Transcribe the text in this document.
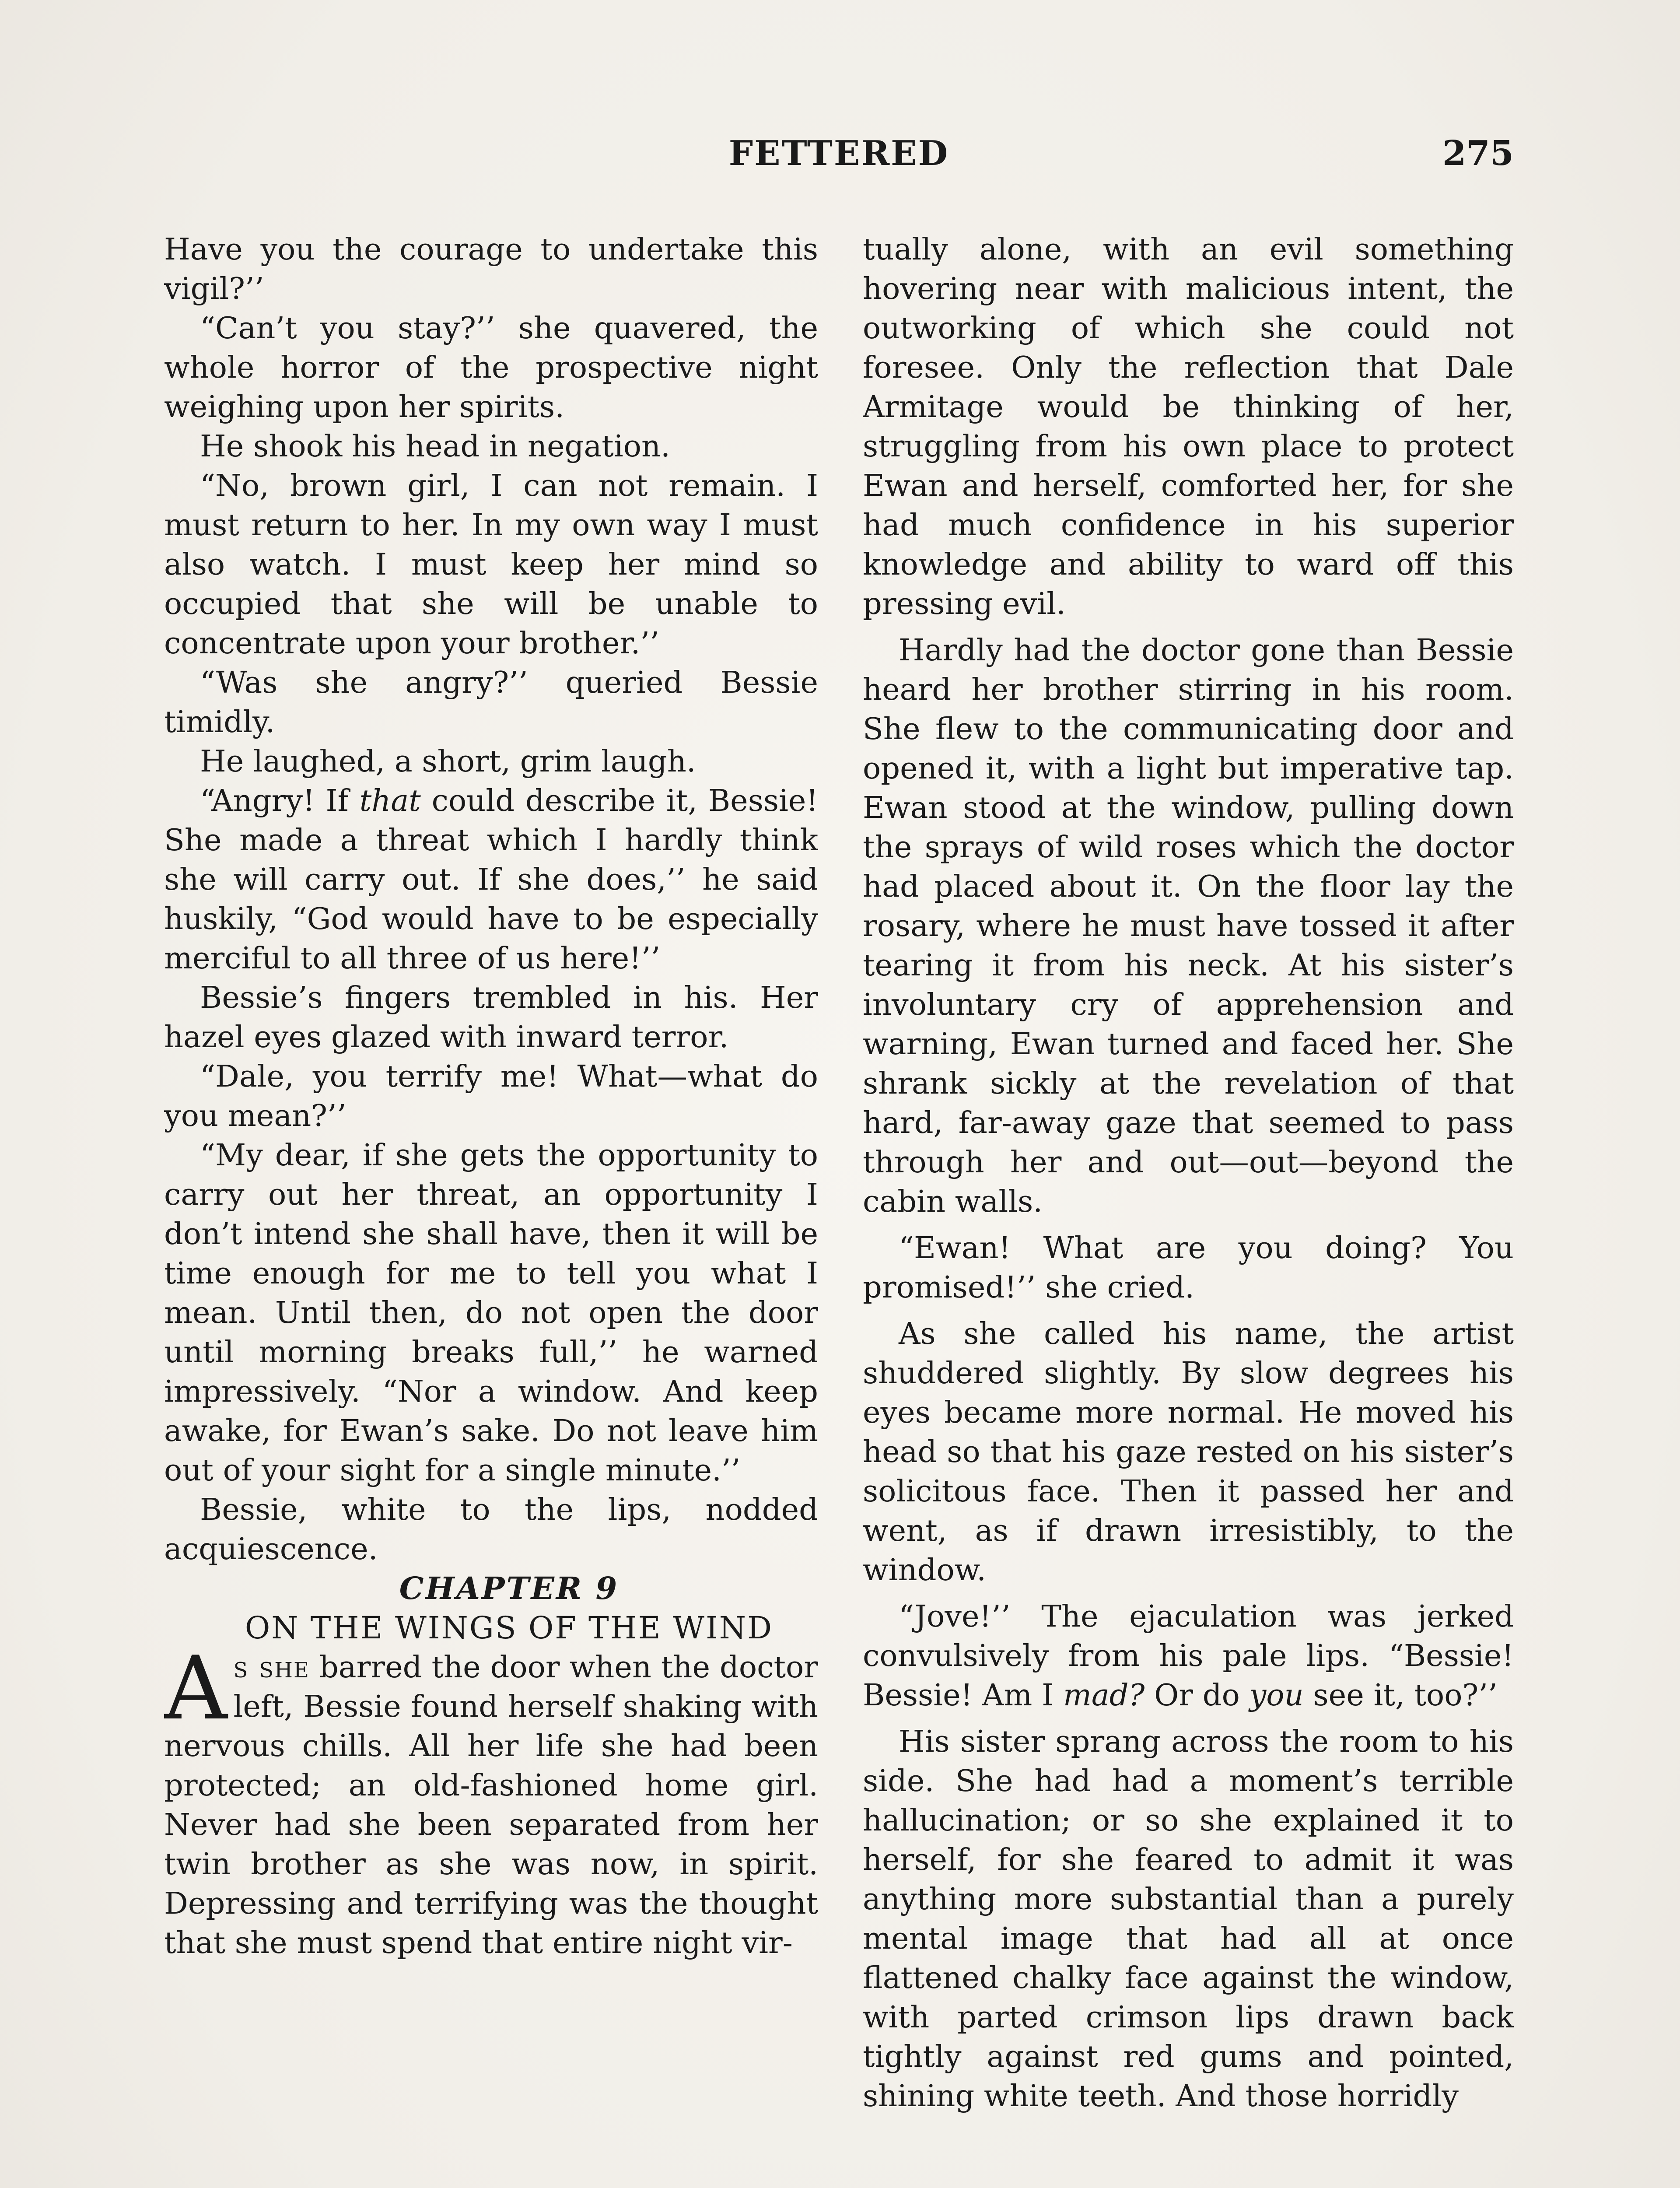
FETTERED	275

Have you the courage to undertake this vigil?’’

“Can’t you stay?’’ she quavered, the whole horror of the prospective night weighing upon her spirits.

He shook his head in negation.

“No, brown girl, I can not remain. I must return to her. In my own way I must also watch. I must keep her mind so occupied that she will be unable to concentrate upon your brother.’’

“Was she angry?’’ queried Bessie timidly.

He laughed, a short, grim laugh.

“Angry! If that could describe it, Bessie! She made a threat which I hardly think she will carry out. If she does,’’ he said huskily, “God would have to be especially merciful to all three of us here!’’

Bessie’s fingers trembled in his. Her hazel eyes glazed with inward terror.

“Dale, you terrify me! What—what do you mean?’’

“My dear, if she gets the opportunity to carry out her threat, an opportunity I don’t intend she shall have, then it will be time enough for me to tell you what I mean. Until then, do not open the door until morning breaks full,’’ he warned impressively. “Nor a window. And keep awake, for Ewan’s sake. Do not leave him out of your sight for a single minute.’’

Bessie, white to the lips, nodded acquiescence.

CHAPTER 9

ON THE WINGS OF THE WIND

As she barred the door when the doctor left, Bessie found herself shaking with nervous chills. All her life she had been protected; an old-fashioned home girl. Never had she been separated from her twin brother as she was now, in spirit. Depressing and terrifying was the thought that she must spend that entire night vir-

tually alone, with an evil something hovering near with malicious intent, the outworking of which she could not foresee. Only the reflection that Dale Armitage would be thinking of her, struggling from his own place to protect Ewan and herself, comforted her, for she had much confidence in his superior knowledge and ability to ward off this pressing evil.

Hardly had the doctor gone than Bessie heard her brother stirring in his room. She flew to the communicating door and opened it, with a light but imperative tap. Ewan stood at the window, pulling down the sprays of wild roses which the doctor had placed about it. On the floor lay the rosary, where he must have tossed it after tearing it from his neck. At his sister’s involuntary cry of apprehension and warning, Ewan turned and faced her. She shrank sickly at the revelation of that hard, far-away gaze that seemed to pass through her and out—out—beyond the cabin walls.

“Ewan! What are you doing? You promised!’’ she cried.

As she called his name, the artist shuddered slightly. By slow degrees his eyes became more normal. He moved his head so that his gaze rested on his sister’s solicitous face. Then it passed her and went, as if drawn irresistibly, to the window.

“Jove!’’ The ejaculation was jerked convulsively from his pale lips. “Bessie! Bessie! Am I mad? Or do you see it, too?’’

His sister sprang across the room to his side. She had had a moment’s terrible hallucination; or so she explained it to herself, for she feared to admit it was anything more substantial than a purely mental image that had all at once flattened chalky face against the window, with parted crimson lips drawn back tightly against red gums and pointed, shining white teeth. And those horridly
